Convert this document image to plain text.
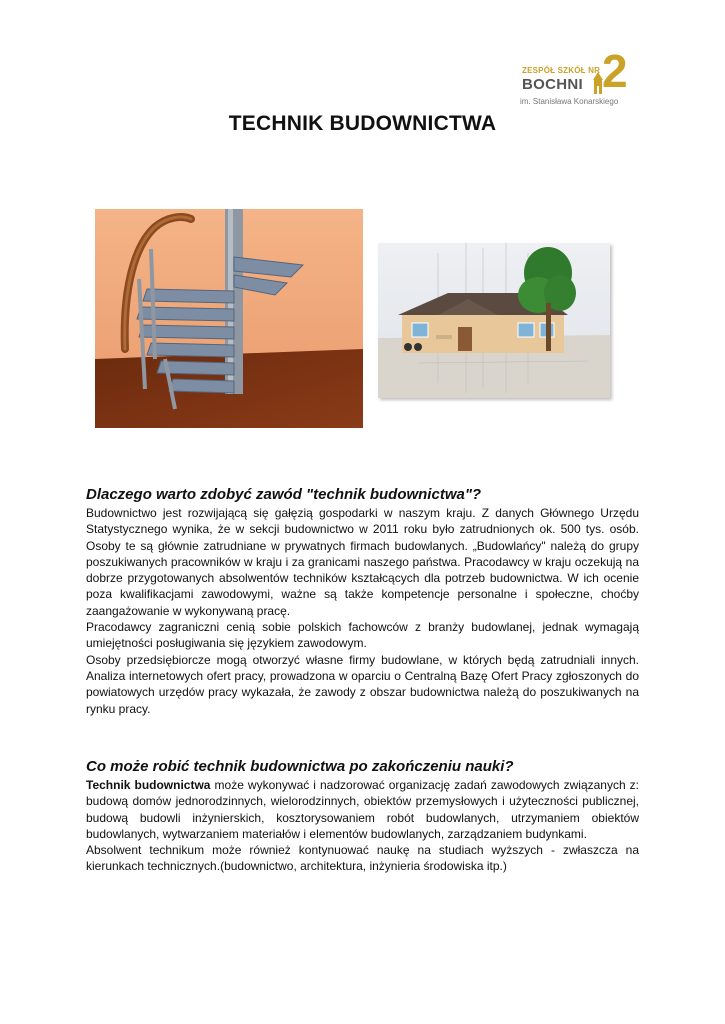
ZESPÓŁ SZKÓŁ NR
BOCHNI 2
im. Stanisława Konarskiego
TECHNIK BUDOWNICTWA
Dlaczego warto zdobyć zawód "technik budownictwa"?

Budownictwo jest rozwijającą się gałęzią gospodarki w naszym kraju. Z danych Głównego Urzędu Statystycznego wynika, że w sekcji budownictwo w 2011 roku było zatrudnionych ok. 500 tys. osób. Osoby te są głównie zatrudniane w prywatnych firmach budowlanych. „Budowlańcy" należą do grupy poszukiwanych pracowników w kraju i za granicami naszego państwa. Pracodawcy w kraju oczekują na dobrze przygotowanych absolwentów techników kształcących dla potrzeb budownictwa. W ich ocenie poza kwalifikacjami zawodowymi, ważne są także kompetencje personalne i społeczne, choćby zaangażowanie w wykonywaną pracę.

Pracodawcy zagraniczni cenią sobie polskich fachowców z branży budowlanej, jednak wymagają umiejętności posługiwania się językiem zawodowym.

Osoby przedsiębiorcze mogą otworzyć własne firmy budowlane, w których będą zatrudniali innych. Analiza internetowych ofert pracy, prowadzona w oparciu o Centralną Bazę Ofert Pracy zgłoszonych do powiatowych urzędów pracy wykazała, że zawody z obszar budownictwa należą do poszukiwanych na rynku pracy.

Co może robić technik budownictwa po zakończeniu nauki?

Technik budownictwa może wykonywać i nadzorować organizację zadań zawodowych związanych z: budową domów jednorodzinnych, wielorodzinnych, obiektów przemysłowych i użyteczności publicznej, budową budowli inżynierskich, kosztorysowaniem robót budowlanych, utrzymaniem obiektów budowlanych, wytwarzaniem materiałów i elementów budowlanych, zarządzaniem budynkami.

Absolwent technikum może również kontynuować naukę na studiach wyższych - zwłaszcza na kierunkach technicznych.(budownictwo, architektura, inżynieria środowiska itp.)
